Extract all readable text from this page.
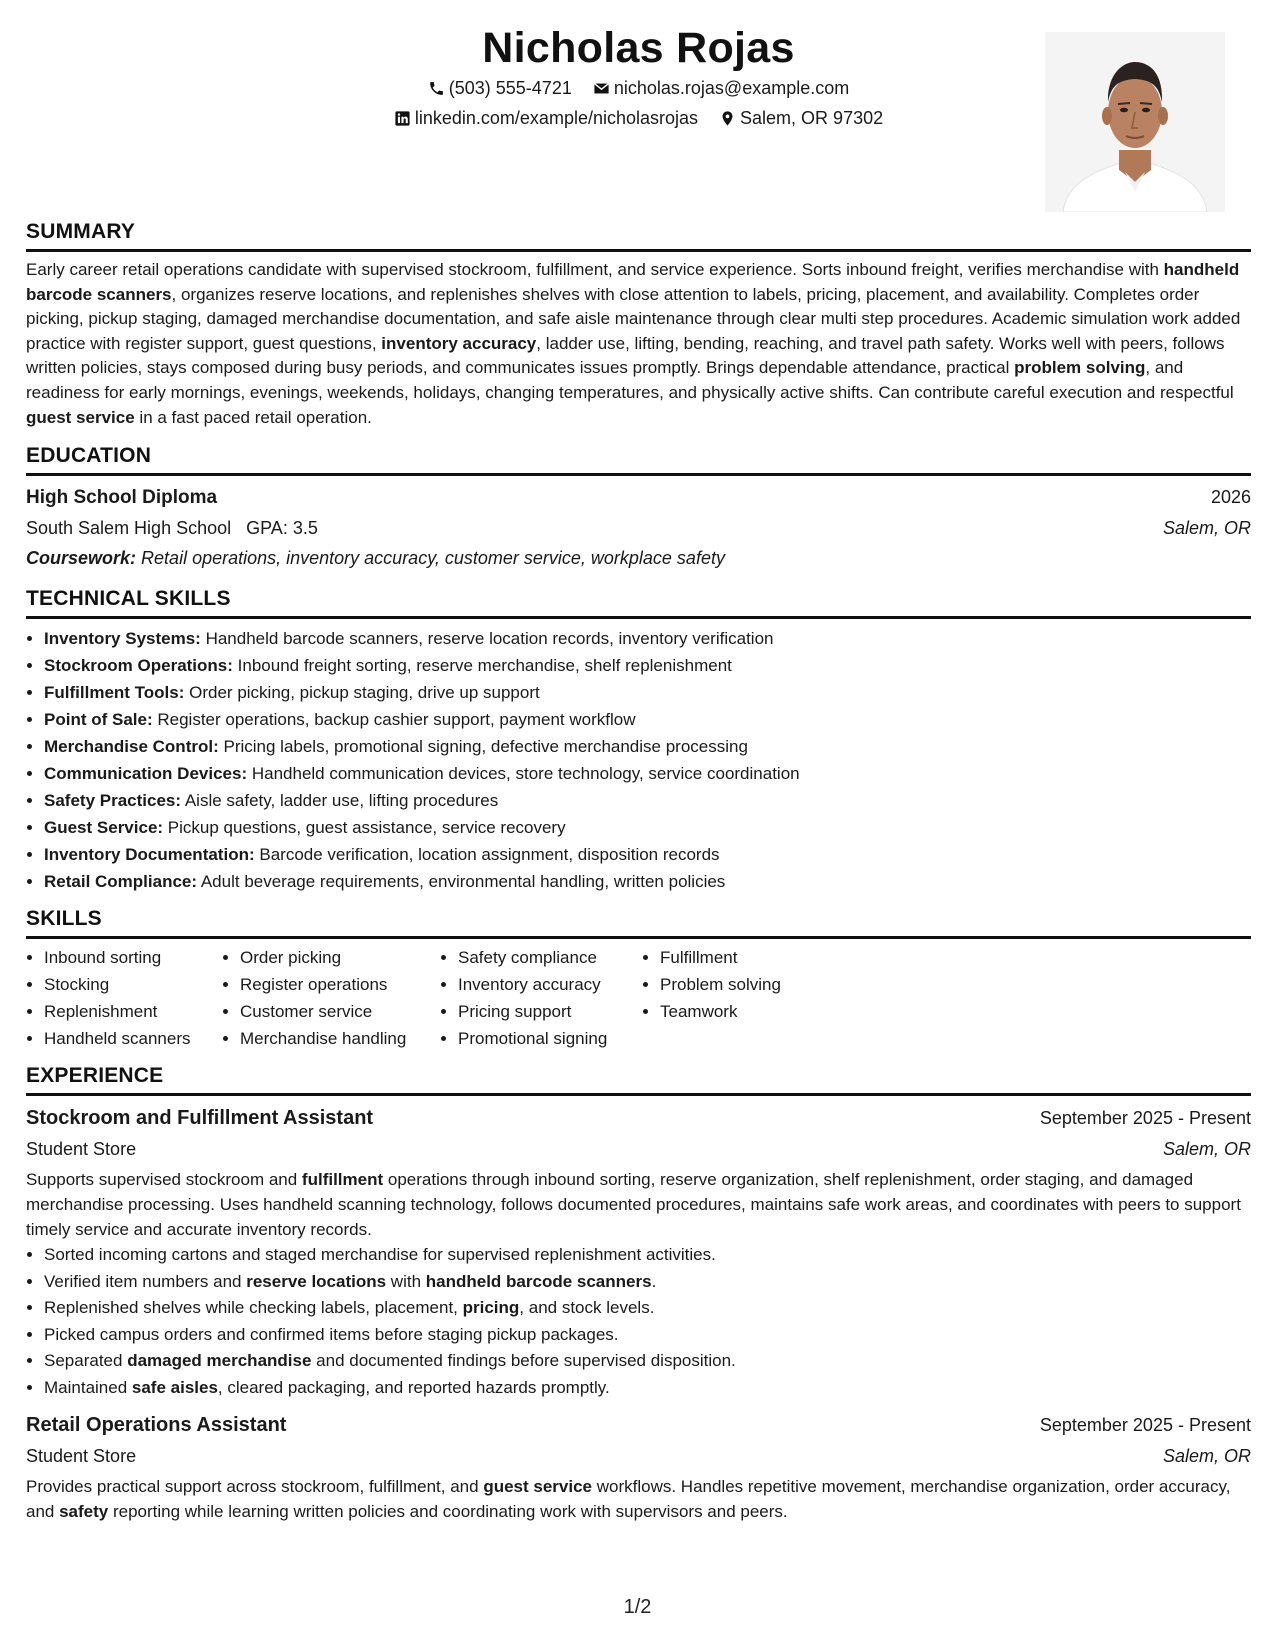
Nicholas Rojas
(503) 555-4721
nicholas.rojas@example.com
linkedin.com/example/nicholasrojas
Salem, OR 97302
SUMMARY

Early career retail operations candidate with supervised stockroom, fulfillment, and service experience. Sorts inbound freight, verifies merchandise with handheld barcode scanners, organizes reserve locations, and replenishes shelves with close attention to labels, pricing, placement, and availability. Completes order picking, pickup staging, damaged merchandise documentation, and safe aisle maintenance through clear multi step procedures. Academic simulation work added practice with register support, guest questions, inventory accuracy, ladder use, lifting, bending, reaching, and travel path safety. Works well with peers, follows written policies, stays composed during busy periods, and communicates issues promptly. Brings dependable attendance, practical problem solving, and readiness for early mornings, evenings, weekends, holidays, changing temperatures, and physically active shifts. Can contribute careful execution and respectful guest service in a fast paced retail operation.

EDUCATION
High School Diploma	2026
South Salem High School GPA: 3.5	Salem, OR
Coursework: Retail operations, inventory accuracy, customer service, workplace safety
TECHNICAL SKILLS
• Inventory Systems: Handheld barcode scanners, reserve location records, inventory verification
• Stockroom Operations: Inbound freight sorting, reserve merchandise, shelf replenishment
• Fulfillment Tools: Order picking, pickup staging, drive up support
• Point of Sale: Register operations, backup cashier support, payment workflow
• Merchandise Control: Pricing labels, promotional signing, defective merchandise processing
• Communication Devices: Handheld communication devices, store technology, service coordination
• Safety Practices: Aisle safety, ladder use, lifting procedures
• Guest Service: Pickup questions, guest assistance, service recovery
• Inventory Documentation: Barcode verification, location assignment, disposition records
• Retail Compliance: Adult beverage requirements, environmental handling, written policies
SKILLS
• Inbound sorting
• Stocking
• Replenishment
• Handheld scanners
• Order picking
• Register operations
• Customer service
• Merchandise handling
• Safety compliance
• Inventory accuracy
• Pricing support
• Promotional signing
• Fulfillment
• Problem solving
• Teamwork
EXPERIENCE
Stockroom and Fulfillment Assistant	September 2025 - Present
Student Store	Salem, OR

Supports supervised stockroom and fulfillment operations through inbound sorting, reserve organization, shelf replenishment, order staging, and damaged merchandise processing. Uses handheld scanning technology, follows documented procedures, maintains safe work areas, and coordinates with peers to support timely service and accurate inventory records.

• Sorted incoming cartons and staged merchandise for supervised replenishment activities.
• Verified item numbers and reserve locations with handheld barcode scanners.
• Replenished shelves while checking labels, placement, pricing, and stock levels.
• Picked campus orders and confirmed items before staging pickup packages.
• Separated damaged merchandise and documented findings before supervised disposition.
• Maintained safe aisles, cleared packaging, and reported hazards promptly.
Retail Operations Assistant	September 2025 - Present
Student Store	Salem, OR

Provides practical support across stockroom, fulfillment, and guest service workflows. Handles repetitive movement, merchandise organization, order accuracy, and safety reporting while learning written policies and coordinating work with supervisors and peers.

1/2
